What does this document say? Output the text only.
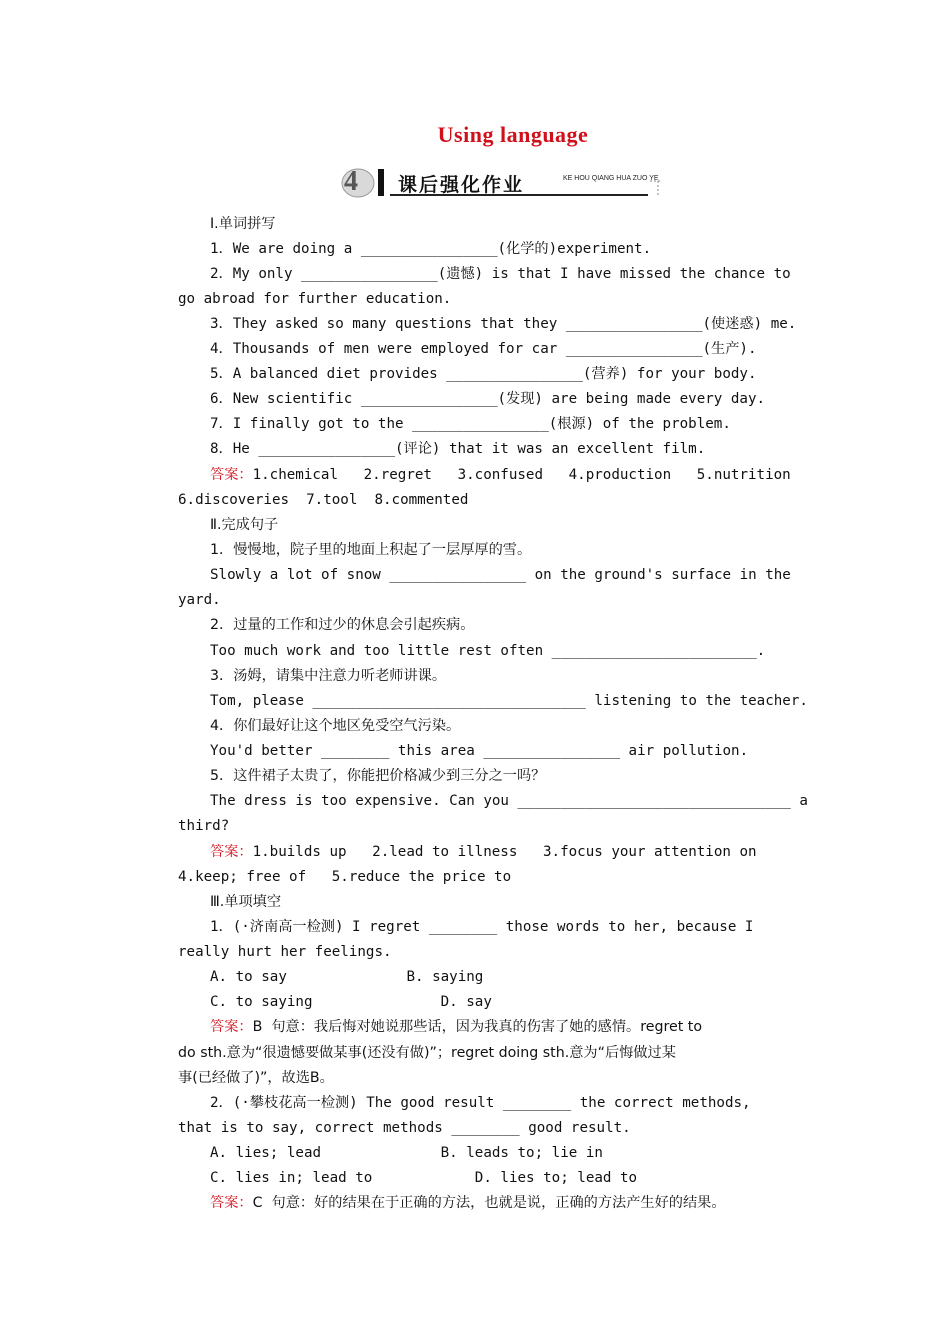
Using language
4 课后强化作业	KE HOU QIANG HUA ZUO YE
Ⅰ.单词拼写
1．We are doing a ________________(化学的)experiment.
2．My only ________________(遗憾) is that I have missed the chance to
go abroad for further education.
3．They asked so many questions that they ________________(使迷惑) me.
4．Thousands of men were employed for car ________________(生产).
5．A balanced diet provides ________________(营养) for your body.
6．New scientific ________________(发现) are being made every day.
7．I finally got to the ________________(根源) of the problem.
8．He ________________(评论) that it was an excellent film.
答案：1.chemical   2.regret   3.confused   4.production   5.nutrition
6.discoveries  7.tool  8.commented
Ⅱ.完成句子
1．慢慢地，院子里的地面上积起了一层厚厚的雪。
Slowly a lot of snow ________________ on the ground's surface in the
yard.
2．过量的工作和过少的休息会引起疾病。
Too much work and too little rest often ________________________.
3．汤姆，请集中注意力听老师讲课。
Tom, please ________________________________ listening to the teacher.
4．你们最好让这个地区免受空气污染。
You'd better ________ this area ________________ air pollution.
5．这件裙子太贵了，你能把价格减少到三分之一吗？
The dress is too expensive. Can you ________________________________ a
third?
答案：1.builds up   2.lead to illness   3.focus your attention on
4.keep; free of   5.reduce the price to
Ⅲ.单项填空
1．(·济南高一检测) I regret ________ those words to her, because I
really hurt her feelings.
A. to say              B. saying
C. to saying               D. say
答案：B  句意：我后悔对她说那些话，因为我真的伤害了她的感情。regret to
do sth.意为“很遗憾要做某事(还没有做)”；regret doing sth.意为“后悔做过某
事(已经做了)”，故选B。
2．(·攀枝花高一检测) The good result ________ the correct methods,
that is to say, correct methods ________ good result.
A. lies; lead              B. leads to; lie in
C. lies in; lead to            D. lies to; lead to
答案：C  句意：好的结果在于正确的方法，也就是说，正确的方法产生好的结果。
